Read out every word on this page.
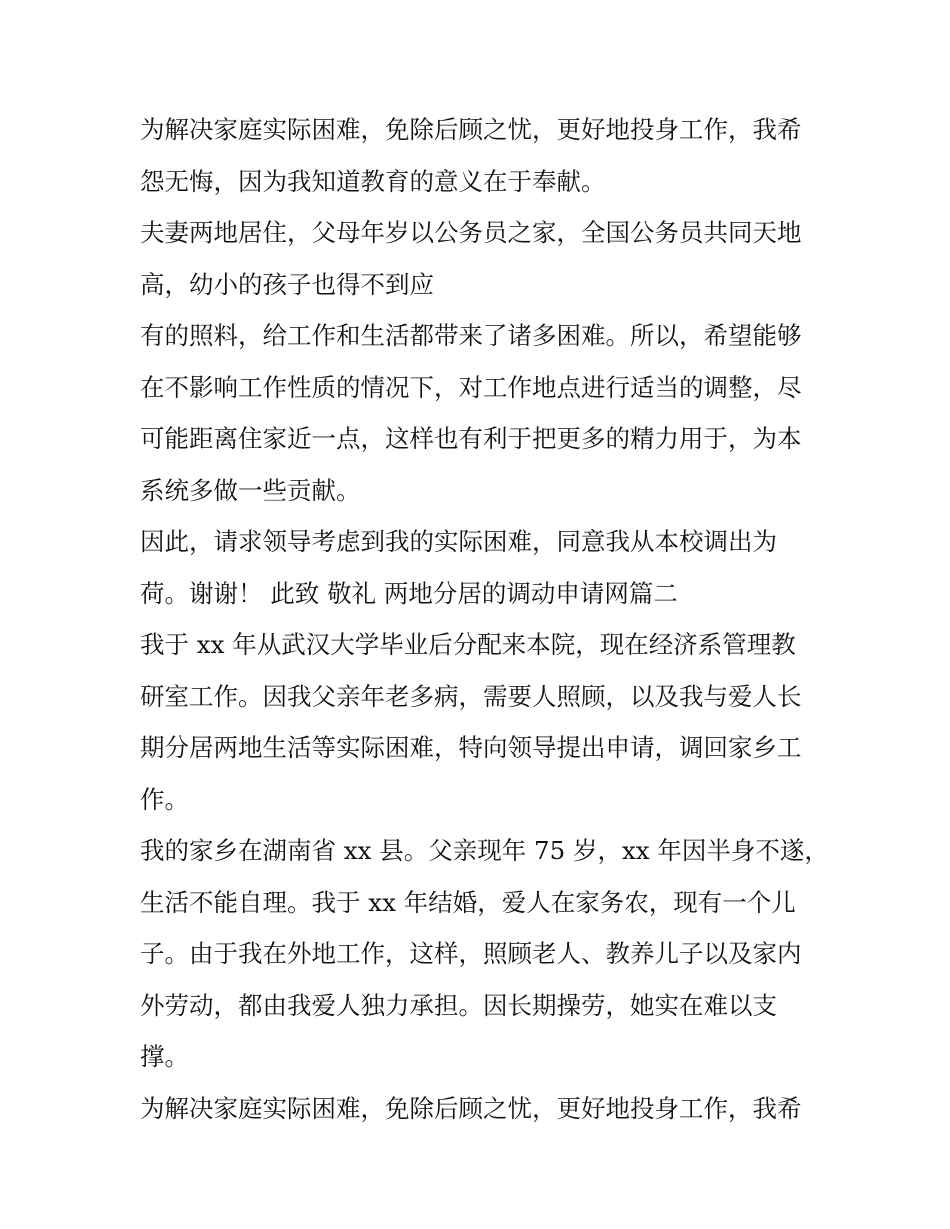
为解决家庭实际困难，免除后顾之忧，更好地投身工作，我希
怨无悔，因为我知道教育的意义在于奉献。
夫妻两地居住，父母年岁以公务员之家，全国公务员共同天地
高，幼小的孩子也得不到应
有的照料，给工作和生活都带来了诸多困难。所以，希望能够
在不影响工作性质的情况下，对工作地点进行适当的调整，尽
可能距离住家近一点，这样也有利于把更多的精力用于，为本
系统多做一些贡献。
因此，请求领导考虑到我的实际困难，同意我从本校调出为
荷。谢谢！ 此致 敬礼 两地分居的调动申请网篇二
我于 xx 年从武汉大学毕业后分配来本院，现在经济系管理教
研室工作。因我父亲年老多病，需要人照顾，以及我与爱人长
期分居两地生活等实际困难，特向领导提出申请，调回家乡工
作。
我的家乡在湖南省 xx 县。父亲现年 75 岁，xx 年因半身不遂，
生活不能自理。我于 xx 年结婚，爱人在家务农，现有一个儿
子。由于我在外地工作，这样，照顾老人、教养儿子以及家内
外劳动，都由我爱人独力承担。因长期操劳，她实在难以支
撑。
为解决家庭实际困难，免除后顾之忧，更好地投身工作，我希
